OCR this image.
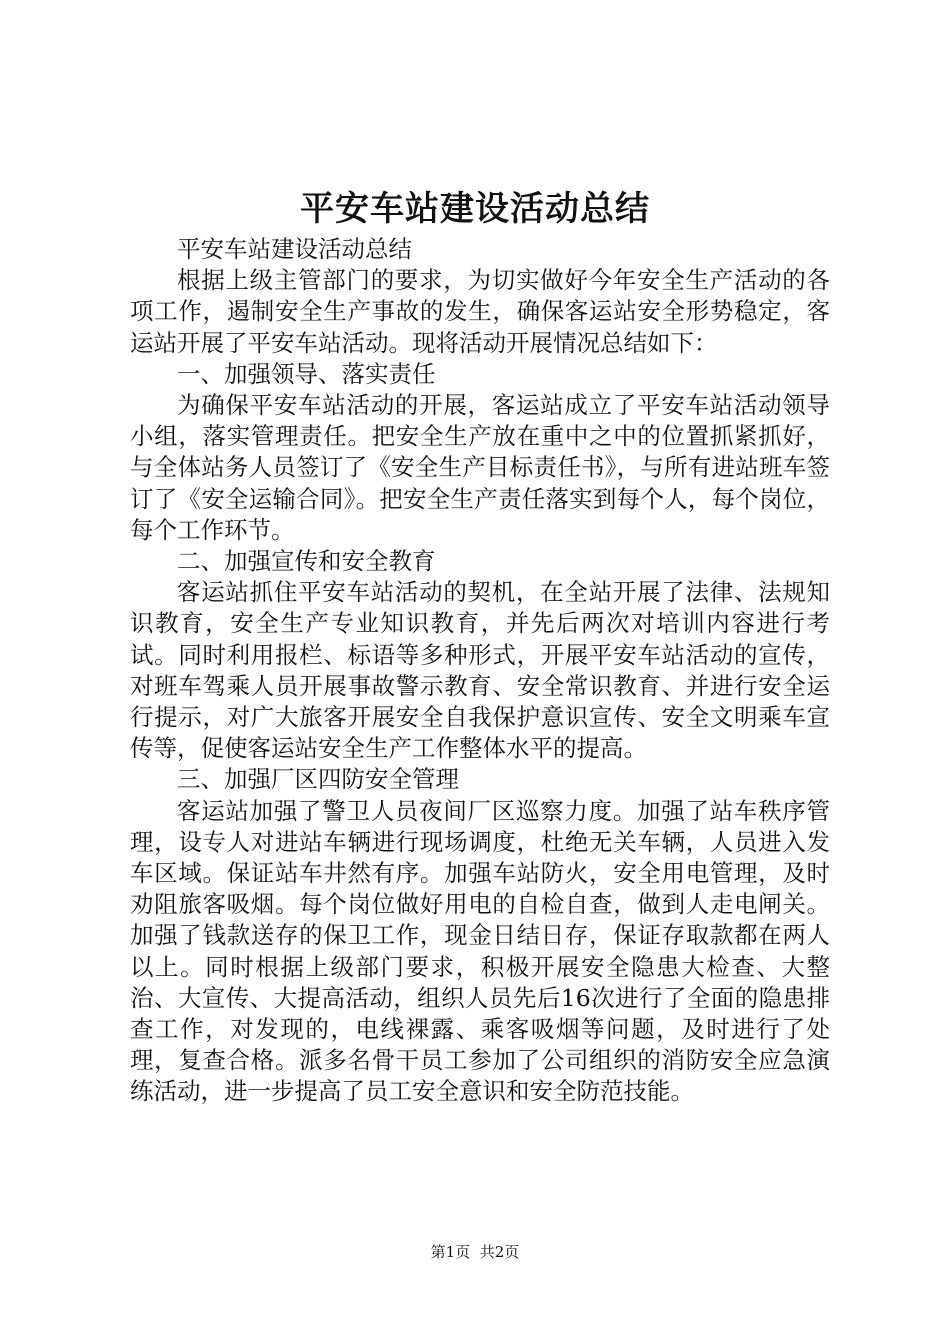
平安车站建设活动总结

平安车站建设活动总结

根据上级主管部门的要求，为切实做好今年安全生产活动的各项工作，遏制安全生产事故的发生，确保客运站安全形势稳定，客运站开展了平安车站活动。现将活动开展情况总结如下：

一、加强领导、落实责任

为确保平安车站活动的开展，客运站成立了平安车站活动领导小组，落实管理责任。把安全生产放在重中之中的位置抓紧抓好，与全体站务人员签订了《安全生产目标责任书》，与所有进站班车签订了《安全运输合同》。把安全生产责任落实到每个人，每个岗位，每个工作环节。

二、加强宣传和安全教育

客运站抓住平安车站活动的契机，在全站开展了法律、法规知识教育，安全生产专业知识教育，并先后两次对培训内容进行考试。同时利用报栏、标语等多种形式，开展平安车站活动的宣传，对班车驾乘人员开展事故警示教育、安全常识教育、并进行安全运行提示，对广大旅客开展安全自我保护意识宣传、安全文明乘车宣传等，促使客运站安全生产工作整体水平的提高。

三、加强厂区四防安全管理

客运站加强了警卫人员夜间厂区巡察力度。加强了站车秩序管理，设专人对进站车辆进行现场调度，杜绝无关车辆，人员进入发车区域。保证站车井然有序。加强车站防火，安全用电管理，及时劝阻旅客吸烟。每个岗位做好用电的自检自查，做到人走电闸关。加强了钱款送存的保卫工作，现金日结日存，保证存取款都在两人以上。同时根据上级部门要求，积极开展安全隐患大检查、大整治、大宣传、大提高活动，组织人员先后16次进行了全面的隐患排查工作，对发现的，电线裸露、乘客吸烟等问题，及时进行了处理，复查合格。派多名骨干员工参加了公司组织的消防安全应急演练活动，进一步提高了员工安全意识和安全防范技能。

第1页 共2页
